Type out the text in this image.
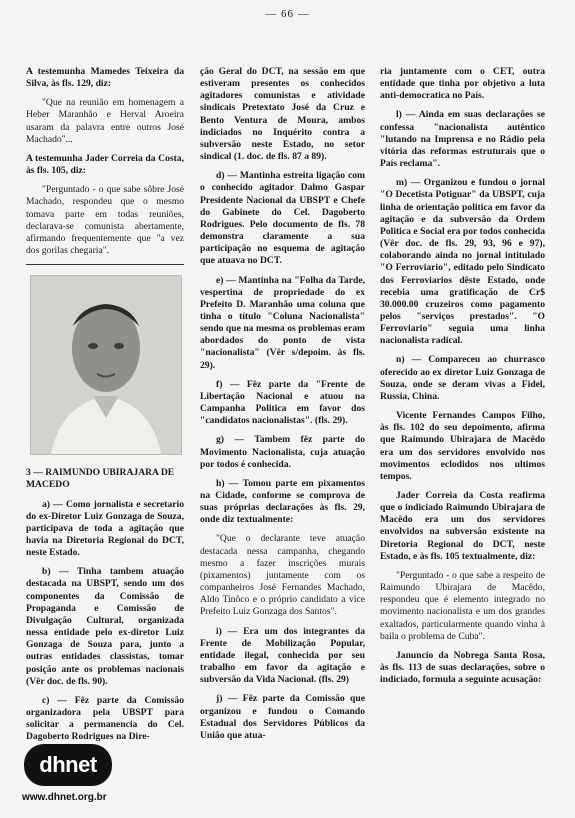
— 66 —

A testemunha Mamedes Teixeira da Silva, às fls. 129, diz:

"Que na reunião em homenagem a Heber Maranhão e Herval Aroeira usaram da palavra entre outros José Machado"...

A testemunha Jader Correia da Costa, às fls. 105, diz:

"Perguntado - o que sabe sôbre José Machado, respondeu que o mesmo tomava parte em todas reuniões, declarava-se comunista abertamente, afirmando frequentemente que "a vez dos gorilas chegaria".

3 — RAIMUNDO UBIRAJARA DE MACEDO

a) — Como jornalista e secretario do ex-Diretor Luiz Gonzaga de Souza, participava de toda a agitação que havia na Diretoria Regional do DCT, neste Estado.

b) — Tinha tambem atuação destacada na UBSPT, sendo um dos componentes da Comissão de Propaganda e Comissão de Divulgação Cultural, organizada nessa entidade pelo ex-diretor Luiz Gonzaga de Souza para, junto a outras entidades classistas, tomar posição ante os problemas nacionais (Vêr doc. de fls. 90).

c) — Fêz parte da Comissão organizadora pela UBSPT para solicitar a permanencia do Cel. Dagoberto Rodrigues na Dire-

ção Geral do DCT, na sessão em que estiveram presentes os conhecidos agitadores comunistas e atividade sindicais Pretextato José da Cruz e Bento Ventura de Moura, ambos indiciados no Inquérito contra a subversão neste Estado, no setor sindical (1. doc. de fls. 87 a 89).

d) — Mantinha estreita ligação com o conhecido agitador Dalmo Gaspar Presidente Nacional da UBSPT e Chefe do Gabinete do Cel. Dagoberto Rodrigues. Pelo documento de fls. 78 demonstra claramente a sua participação no esquema de agitação que atuava no DCT.

e) — Mantinha na "Folha da Tarde, vespertina de propriedade do ex Prefeito D. Maranhão uma coluna que tinha o título "Coluna Nacionalista" sendo que na mesma os problemas eram abordados do ponto de vista "nacionalista" (Vêr s/depoim. às fls. 29).

f) — Fêz parte da "Frente de Libertação Nacional e atuou na Campanha Politica em favor dos "candidatos nacionalistas". (fls. 29).

g) — Tambem fêz parte do Movimento Nacionalista, cuja atuação por todos é conhecida.

h) — Tomou parte em pixamentos na Cidade, conforme se comprova de suas próprias declarações às fls. 29, onde diz textualmente:

"Que o declarante teve atuação destacada nessa campanha, chegando mesmo a fazer inscrições murais (pixamentos) juntamente com os companheiros José Fernandes Machado, Aldo Tinôco e o próprio candidato a vice Prefeito Luiz Gonzaga dos Santos".

i) — Era um dos integrantes da Frente de Mobilização Popular, entidade ilegal, conhecida por seu trabalho em favor da agitação e subversão da Vida Nacional. (fls. 29)

j) — Fêz parte da Comissão que organizou e fundou o Comando Estadual dos Servidores Públicos da União que atua-

ria juntamente com o CET, outra entidade que tinha por objetivo a luta anti-democratica no País.

l) — Ainda em suas declarações se confessa "nacionalista autêntico "lutando na Imprensa e no Rádio pela vitória das reformas estruturais que o País reclama".

m) — Organizou e fundou o jornal "O Decetista Potiguar" da UBSPT, cuja linha de orientação politica em favor da agitação e da subversão da Ordem Politica e Social era por todos conhecida (Vêr doc. de fls. 29, 93, 96 e 97), colaborando ainda no jornal intitulado "O Ferroviario", editado pelo Sindicato dos Ferroviarios dêste Estado, onde recebia uma gratificação de Cr$ 30.000.00 cruzeiros como pagamento pelos "serviços prestados". "O Ferroviario" seguia uma linha nacionalista radical.

n) — Compareceu ao churrasco oferecido ao ex diretor Luiz Gonzaga de Souza, onde se deram vivas a Fidel, Russia, China.

Vicente Fernandes Campos Filho, às fls. 102 do seu depoimento, afirma que Raimundo Ubirajara de Macêdo era um dos servidores envolvido nos movimentos eclodidos nos ultimos tempos.

Jader Correia da Costa reafirma que o indiciado Raimundo Ubirajara de Macêdo era um dos servidores envolvidos na subversão existente na Diretoria Regional do DCT, neste Estado, e às fls. 105 textualmente, diz:

"Perguntado - o que sabe a respeito de Raimundo Ubirajara de Macêdo, respondeu que é elemento integrado no movimento nacionalista e um dos grandes exaltados, particularmente quando vinha à baila o problema de Cuba".

Januncio da Nobrega Santa Rosa, às fls. 113 de suas declarações, sobre o indiciado, formula a seguinte acusação:

dhnet
www.dhnet.org.br
